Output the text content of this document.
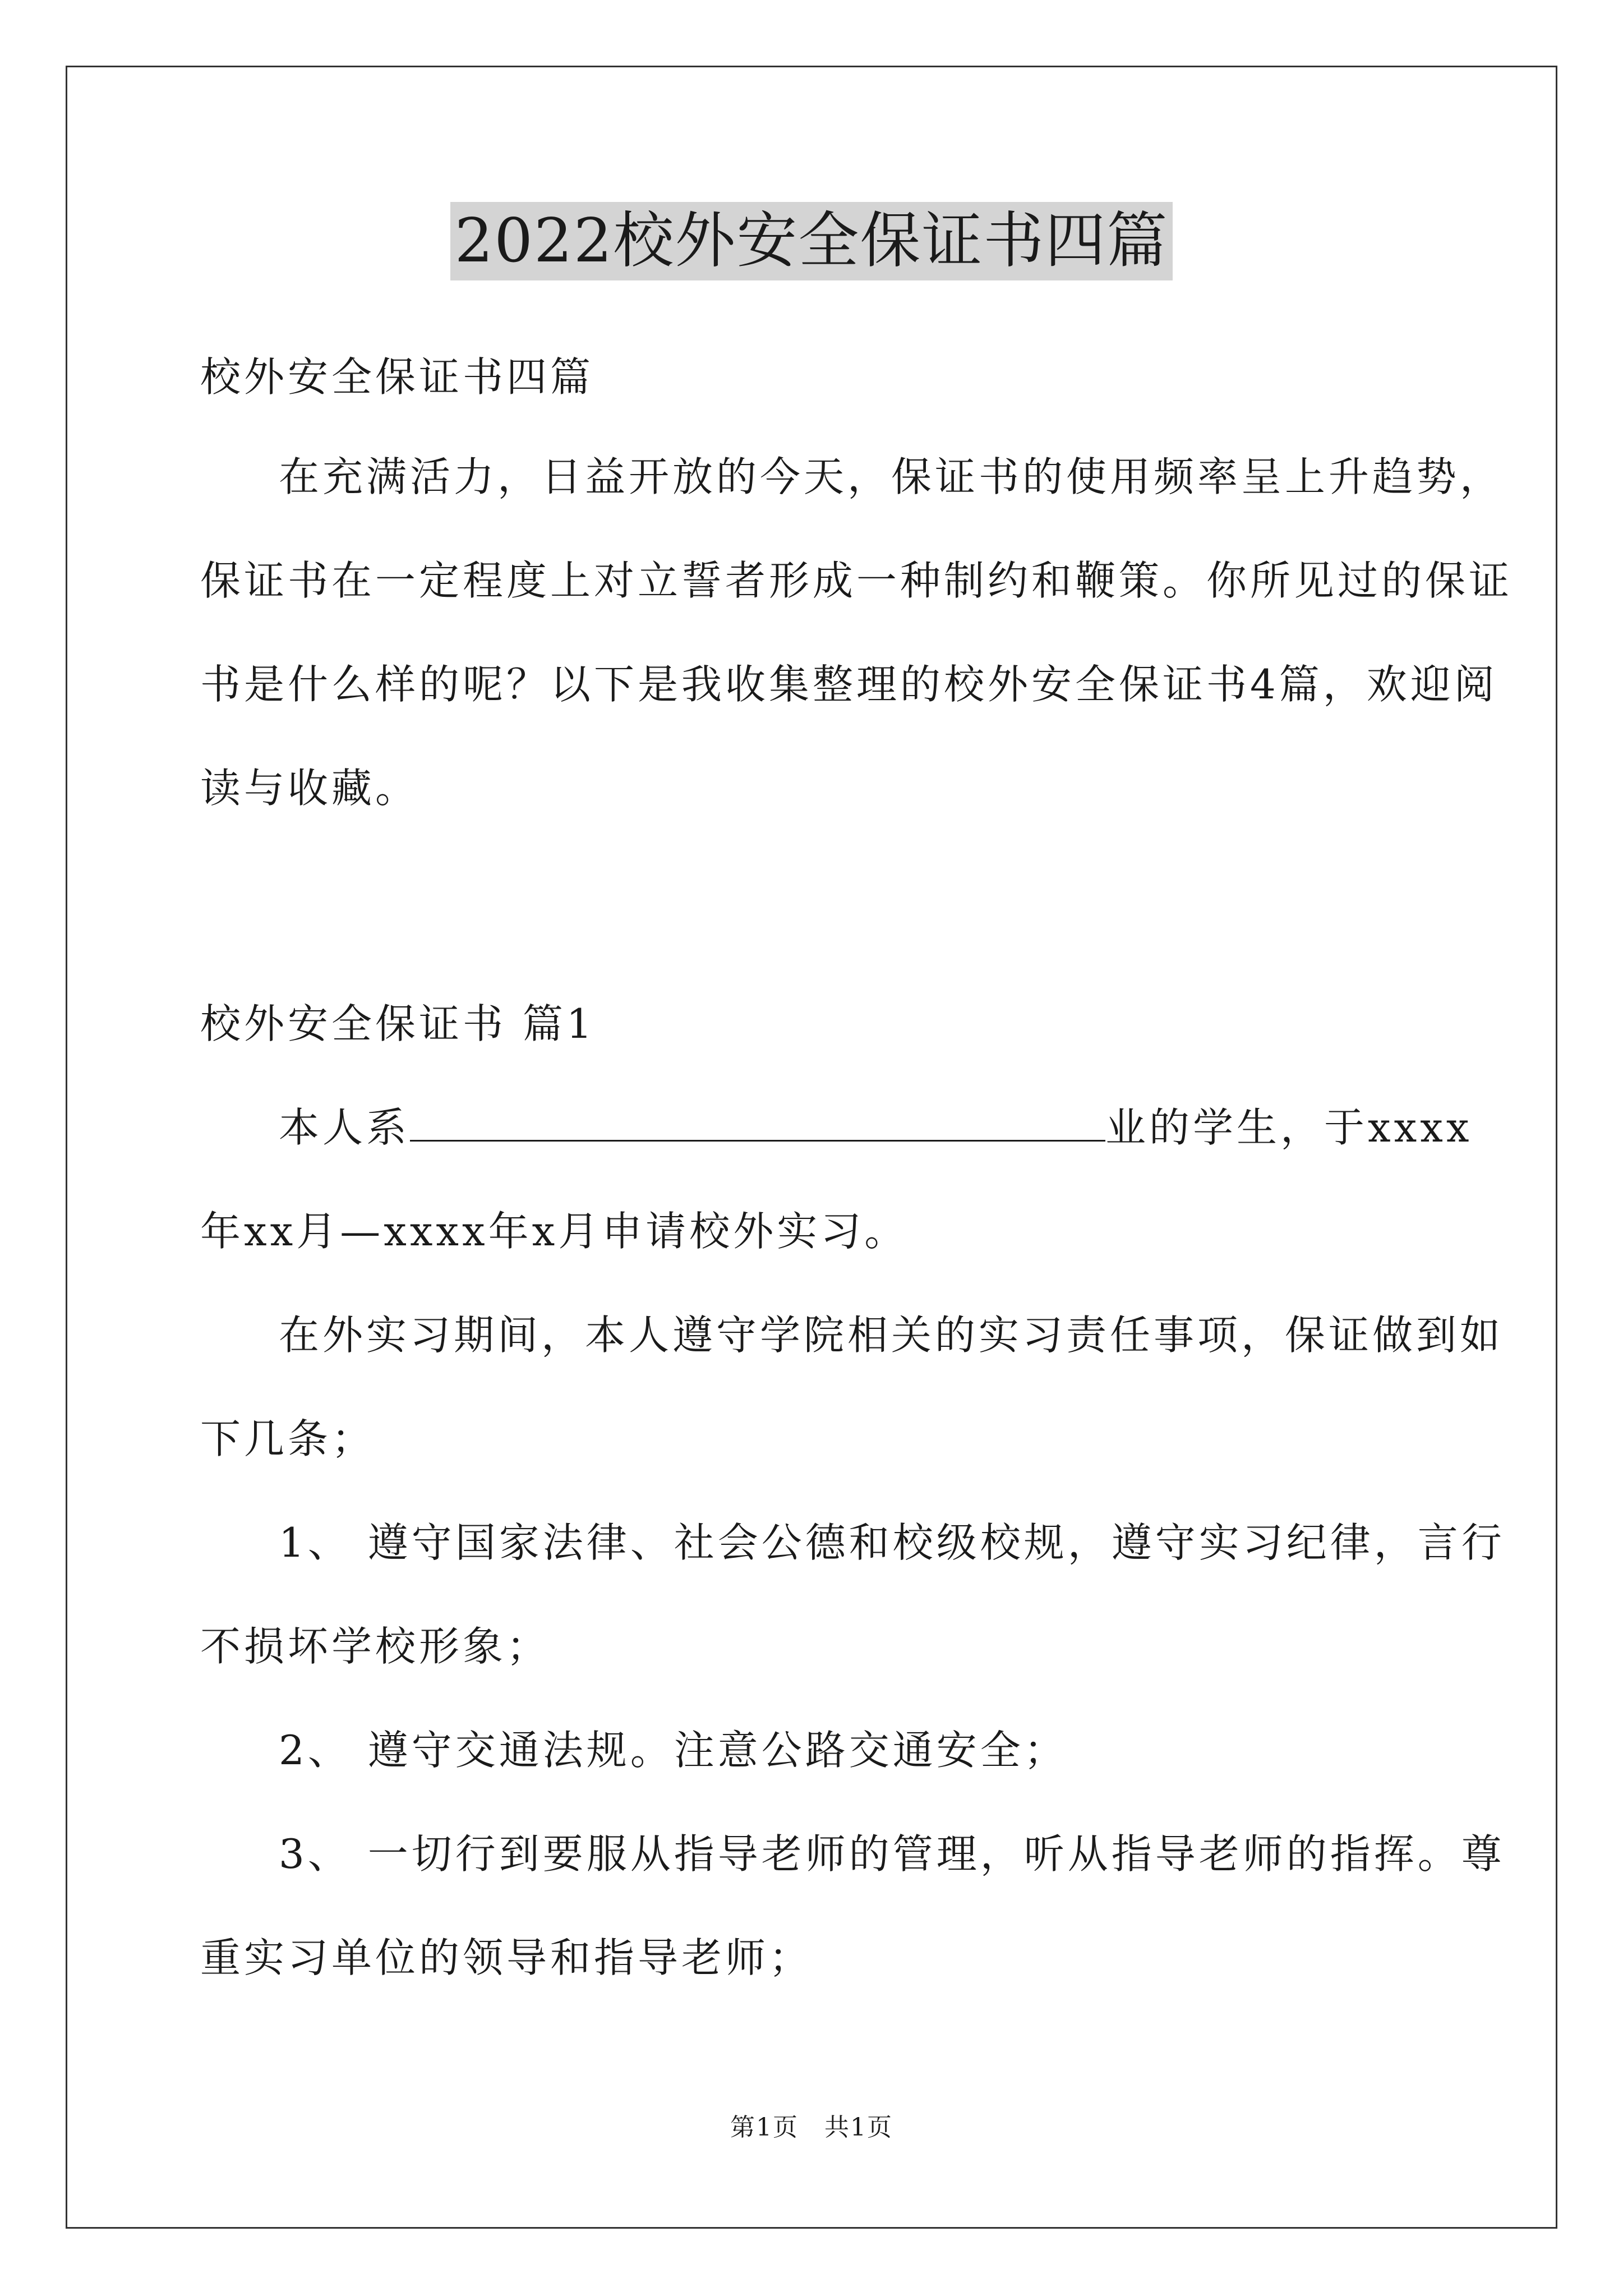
2022校外安全保证书四篇
校外安全保证书四篇
在充满活力，日益开放的今天，保证书的使用频率呈上升趋势，
保证书在一定程度上对立誓者形成一种制约和鞭策。你所见过的保证
书是什么样的呢？以下是我收集整理的校外安全保证书4篇，欢迎阅
读与收藏。
校外安全保证书 篇1
本人系	业的学生，于xxxx
年xx月—xxxx年x月申请校外实习。
在外实习期间，本人遵守学院相关的实习责任事项，保证做到如
下几条；
1、 遵守国家法律、社会公德和校级校规，遵守实习纪律，言行
不损坏学校形象；
2、 遵守交通法规。注意公路交通安全；
3、 一切行到要服从指导老师的管理，听从指导老师的指挥。尊
重实习单位的领导和指导老师；
第1页　共1页
